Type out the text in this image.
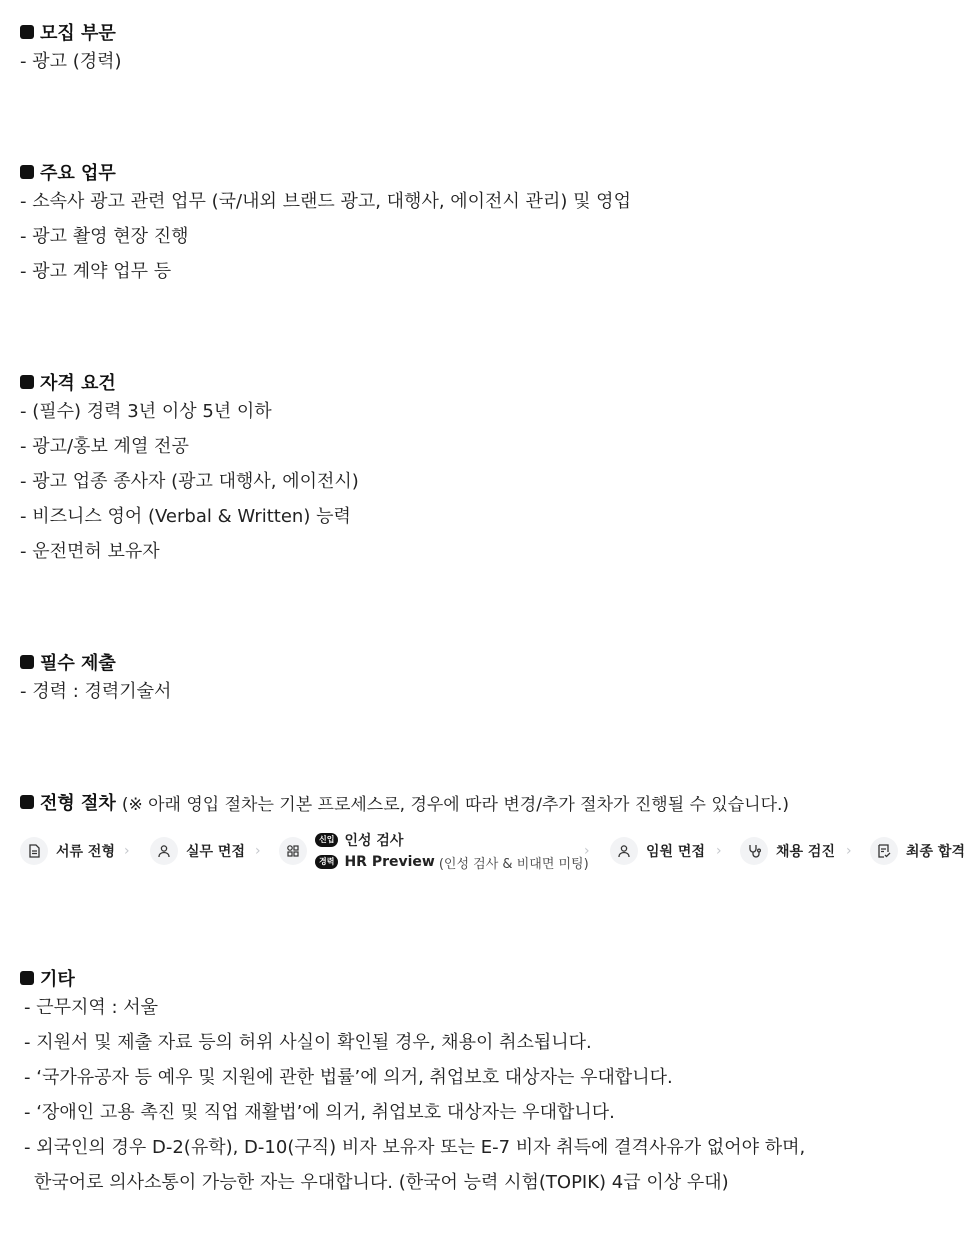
모집 부문
- 광고 (경력)
주요 업무
- 소속사 광고 관련 업무 (국/내외 브랜드 광고, 대행사, 에이전시 관리) 및 영업
- 광고 촬영 현장 진행
- 광고 계약 업무 등
자격 요건
- (필수) 경력 3년 이상 5년 이하
- 광고/홍보 계열 전공
- 광고 업종 종사자 (광고 대행사, 에이전시)
- 비즈니스 영어 (Verbal & Written) 능력
- 운전면허 보유자
필수 제출
- 경력 : 경력기술서
전형 절차 (※ 아래 영입 절차는 기본 프로세스로, 경우에 따라 변경/추가 절차가 진행될 수 있습니다.)
서류 전형 ›	실무 면접 ›
신입 인성 검사
경력 HR Preview (인성 검사 & 비대면 미팅)
›	임원 면접 ›	채용 검진 ›	최종 합격
기타
- 근무지역 : 서울
- 지원서 및 제출 자료 등의 허위 사실이 확인될 경우, 채용이 취소됩니다.
- ‘국가유공자 등 예우 및 지원에 관한 법률’에 의거, 취업보호 대상자는 우대합니다.
- ‘장애인 고용 촉진 및 직업 재활법’에 의거, 취업보호 대상자는 우대합니다.
- 외국인의 경우 D-2(유학), D-10(구직) 비자 보유자 또는 E-7 비자 취득에 결격사유가 없어야 하며,
한국어로 의사소통이 가능한 자는 우대합니다. (한국어 능력 시험(TOPIK) 4급 이상 우대)
